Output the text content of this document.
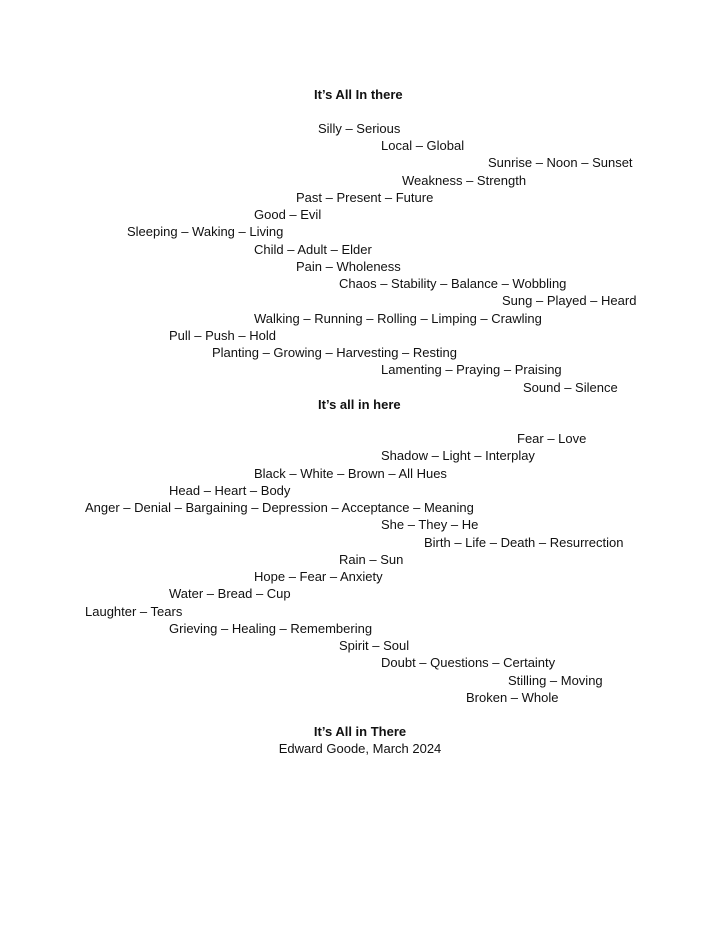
It’s All In there
Silly – Serious
Local – Global
Sunrise – Noon – Sunset
Weakness – Strength
Past – Present – Future
Good – Evil
Sleeping – Waking – Living
Child – Adult – Elder
Pain – Wholeness
Chaos – Stability – Balance – Wobbling
Sung – Played – Heard
Walking – Running – Rolling – Limping – Crawling
Pull – Push – Hold
Planting – Growing – Harvesting – Resting
Lamenting – Praying – Praising
Sound – Silence
It’s all in here
Fear – Love
Shadow – Light – Interplay
Black – White – Brown – All Hues
Head – Heart – Body
Anger – Denial – Bargaining – Depression – Acceptance – Meaning
She – They – He
Birth – Life – Death – Resurrection
Rain – Sun
Hope – Fear – Anxiety
Water – Bread – Cup
Laughter – Tears
Grieving – Healing – Remembering
Spirit – Soul
Doubt – Questions – Certainty
Stilling – Moving
Broken – Whole
It’s All in There
Edward Goode, March 2024
